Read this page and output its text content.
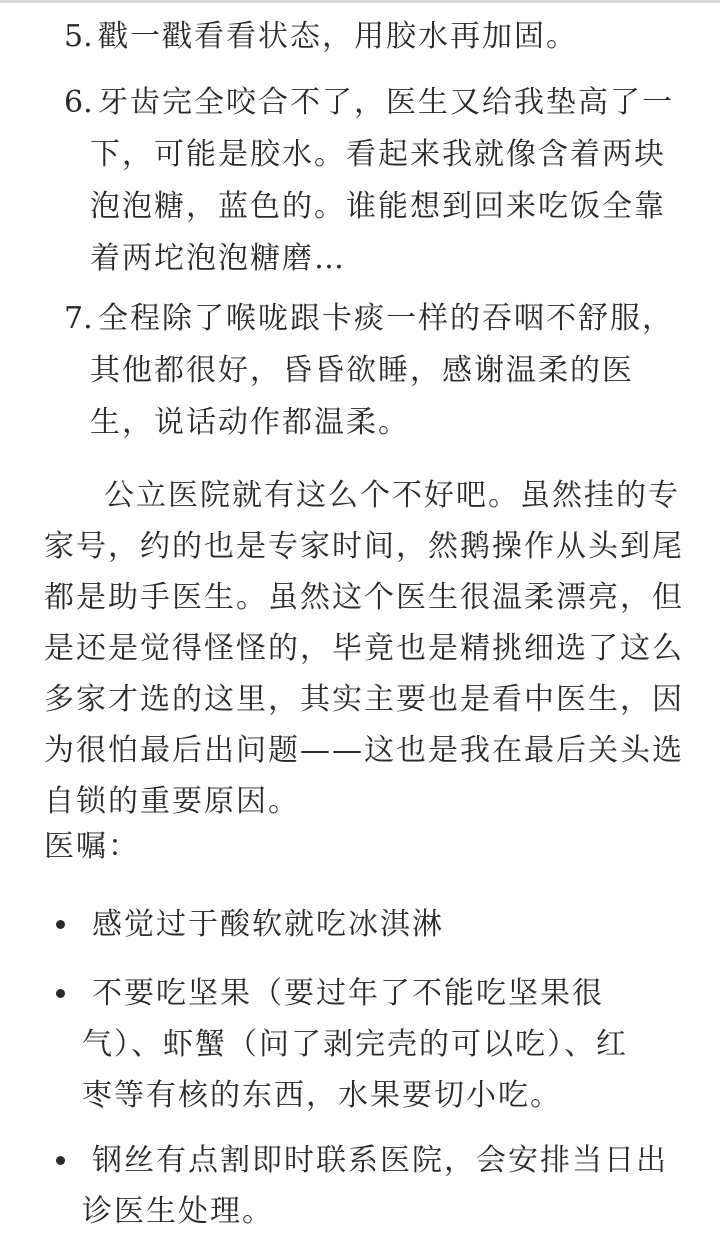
5. 戳一戳看看状态，用胶水再加固。
6. 牙齿完全咬合不了，医生又给我垫高了一
下，可能是胶水。看起来我就像含着两块
泡泡糖，蓝色的。谁能想到回来吃饭全靠
着两坨泡泡糖磨…
7. 全程除了喉咙跟卡痰一样的吞咽不舒服，
其他都很好，昏昏欲睡，感谢温柔的医
生，说话动作都温柔。
公立医院就有这么个不好吧。虽然挂的专
家号，约的也是专家时间，然鹅操作从头到尾
都是助手医生。虽然这个医生很温柔漂亮，但
是还是觉得怪怪的，毕竟也是精挑细选了这么
多家才选的这里，其实主要也是看中医生，因
为很怕最后出问题——这也是我在最后关头选
自锁的重要原因。
医嘱：
感觉过于酸软就吃冰淇淋
不要吃坚果（要过年了不能吃坚果很
气）、虾蟹（问了剥完壳的可以吃）、红
枣等有核的东西，水果要切小吃。
钢丝有点割即时联系医院，会安排当日出
诊医生处理。
